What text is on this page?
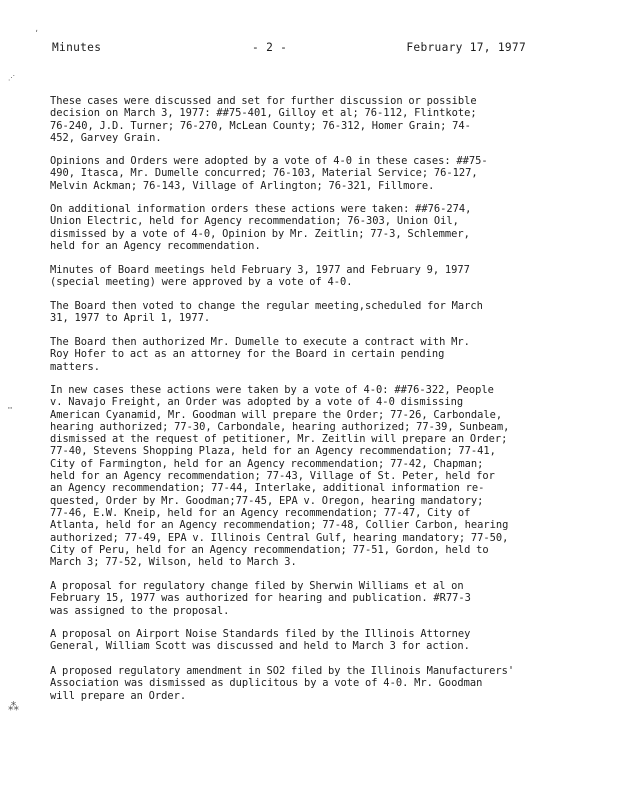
Minutes	- 2 -	February 17, 1977

These cases were discussed and set for further discussion or possible
decision on March 3, 1977: ##75-401, Gilloy et al; 76-112, Flintkote;
76-240, J.D. Turner; 76-270, McLean County; 76-312, Homer Grain; 74-
452, Garvey Grain.

Opinions and Orders were adopted by a vote of 4-0 in these cases: ##75-
490, Itasca, Mr. Dumelle concurred; 76-103, Material Service; 76-127,
Melvin Ackman; 76-143, Village of Arlington; 76-321, Fillmore.

On additional information orders these actions were taken: ##76-274,
Union Electric, held for Agency recommendation; 76-303, Union Oil,
dismissed by a vote of 4-0, Opinion by Mr. Zeitlin; 77-3, Schlemmer,
held for an Agency recommendation.

Minutes of Board meetings held February 3, 1977 and February 9, 1977
(special meeting) were approved by a vote of 4-0.

The Board then voted to change the regular meeting,scheduled for March
31, 1977 to April 1, 1977.

The Board then authorized Mr. Dumelle to execute a contract with Mr.
Roy Hofer to act as an attorney for the Board in certain pending
matters.

In new cases these actions were taken by a vote of 4-0: ##76-322, People
v. Navajo Freight, an Order was adopted by a vote of 4-0 dismissing
American Cyanamid, Mr. Goodman will prepare the Order; 77-26, Carbondale,
hearing authorized; 77-30, Carbondale, hearing authorized; 77-39, Sunbeam,
dismissed at the request of petitioner, Mr. Zeitlin will prepare an Order;
77-40, Stevens Shopping Plaza, held for an Agency recommendation; 77-41,
City of Farmington, held for an Agency recommendation; 77-42, Chapman;
held for an Agency recommendation; 77-43, Village of St. Peter, held for
an Agency recommendation; 77-44, Interlake, additional information re-
quested, Order by Mr. Goodman;77-45, EPA v. Oregon, hearing mandatory;
77-46, E.W. Kneip, held for an Agency recommendation; 77-47, City of
Atlanta, held for an Agency recommendation; 77-48, Collier Carbon, hearing
authorized; 77-49, EPA v. Illinois Central Gulf, hearing mandatory; 77-50,
City of Peru, held for an Agency recommendation; 77-51, Gordon, held to
March 3; 77-52, Wilson, held to March 3.

A proposal for regulatory change filed by Sherwin Williams et al on
February 15, 1977 was authorized for hearing and publication. #R77-3
was assigned to the proposal.

A proposal on Airport Noise Standards filed by the Illinois Attorney
General, William Scott was discussed and held to March 3 for action.

A proposed regulatory amendment in SO2 filed by the Illinois Manufacturers'
Association was dismissed as duplicitous by a vote of 4-0. Mr. Goodman
will prepare an Order.

ʹ
⋰
⋯
⁂
